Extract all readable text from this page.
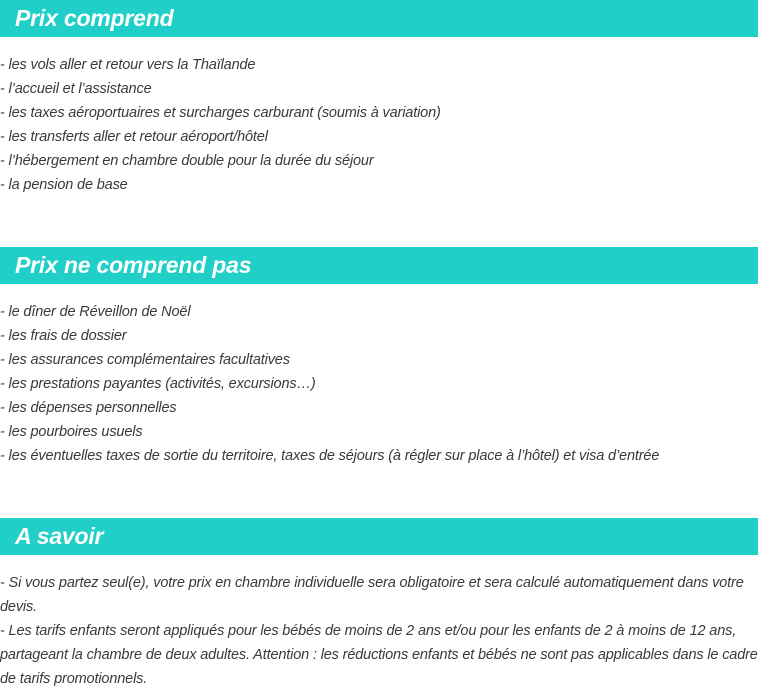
Prix comprend
- les vols aller et retour vers la Thaïlande
- l’accueil et l’assistance
- les taxes aéroportuaires et surcharges carburant (soumis à variation)
- les transferts aller et retour aéroport/hôtel
- l’hébergement en chambre double pour la durée du séjour
- la pension de base
Prix ne comprend pas
- le dîner de Réveillon de Noël
- les frais de dossier
- les assurances complémentaires facultatives
- les prestations payantes (activités, excursions…)
- les dépenses personnelles
- les pourboires usuels
- les éventuelles taxes de sortie du territoire, taxes de séjours (à régler sur place à l’hôtel) et visa d’entrée
A savoir

- Si vous partez seul(e), votre prix en chambre individuelle sera obligatoire et sera calculé automatiquement dans votre devis.

- Les tarifs enfants seront appliqués pour les bébés de moins de 2 ans et/ou pour les enfants de 2 à moins de 12 ans, partageant la chambre de deux adultes. Attention : les réductions enfants et bébés ne sont pas applicables dans le cadre de tarifs promotionnels.
